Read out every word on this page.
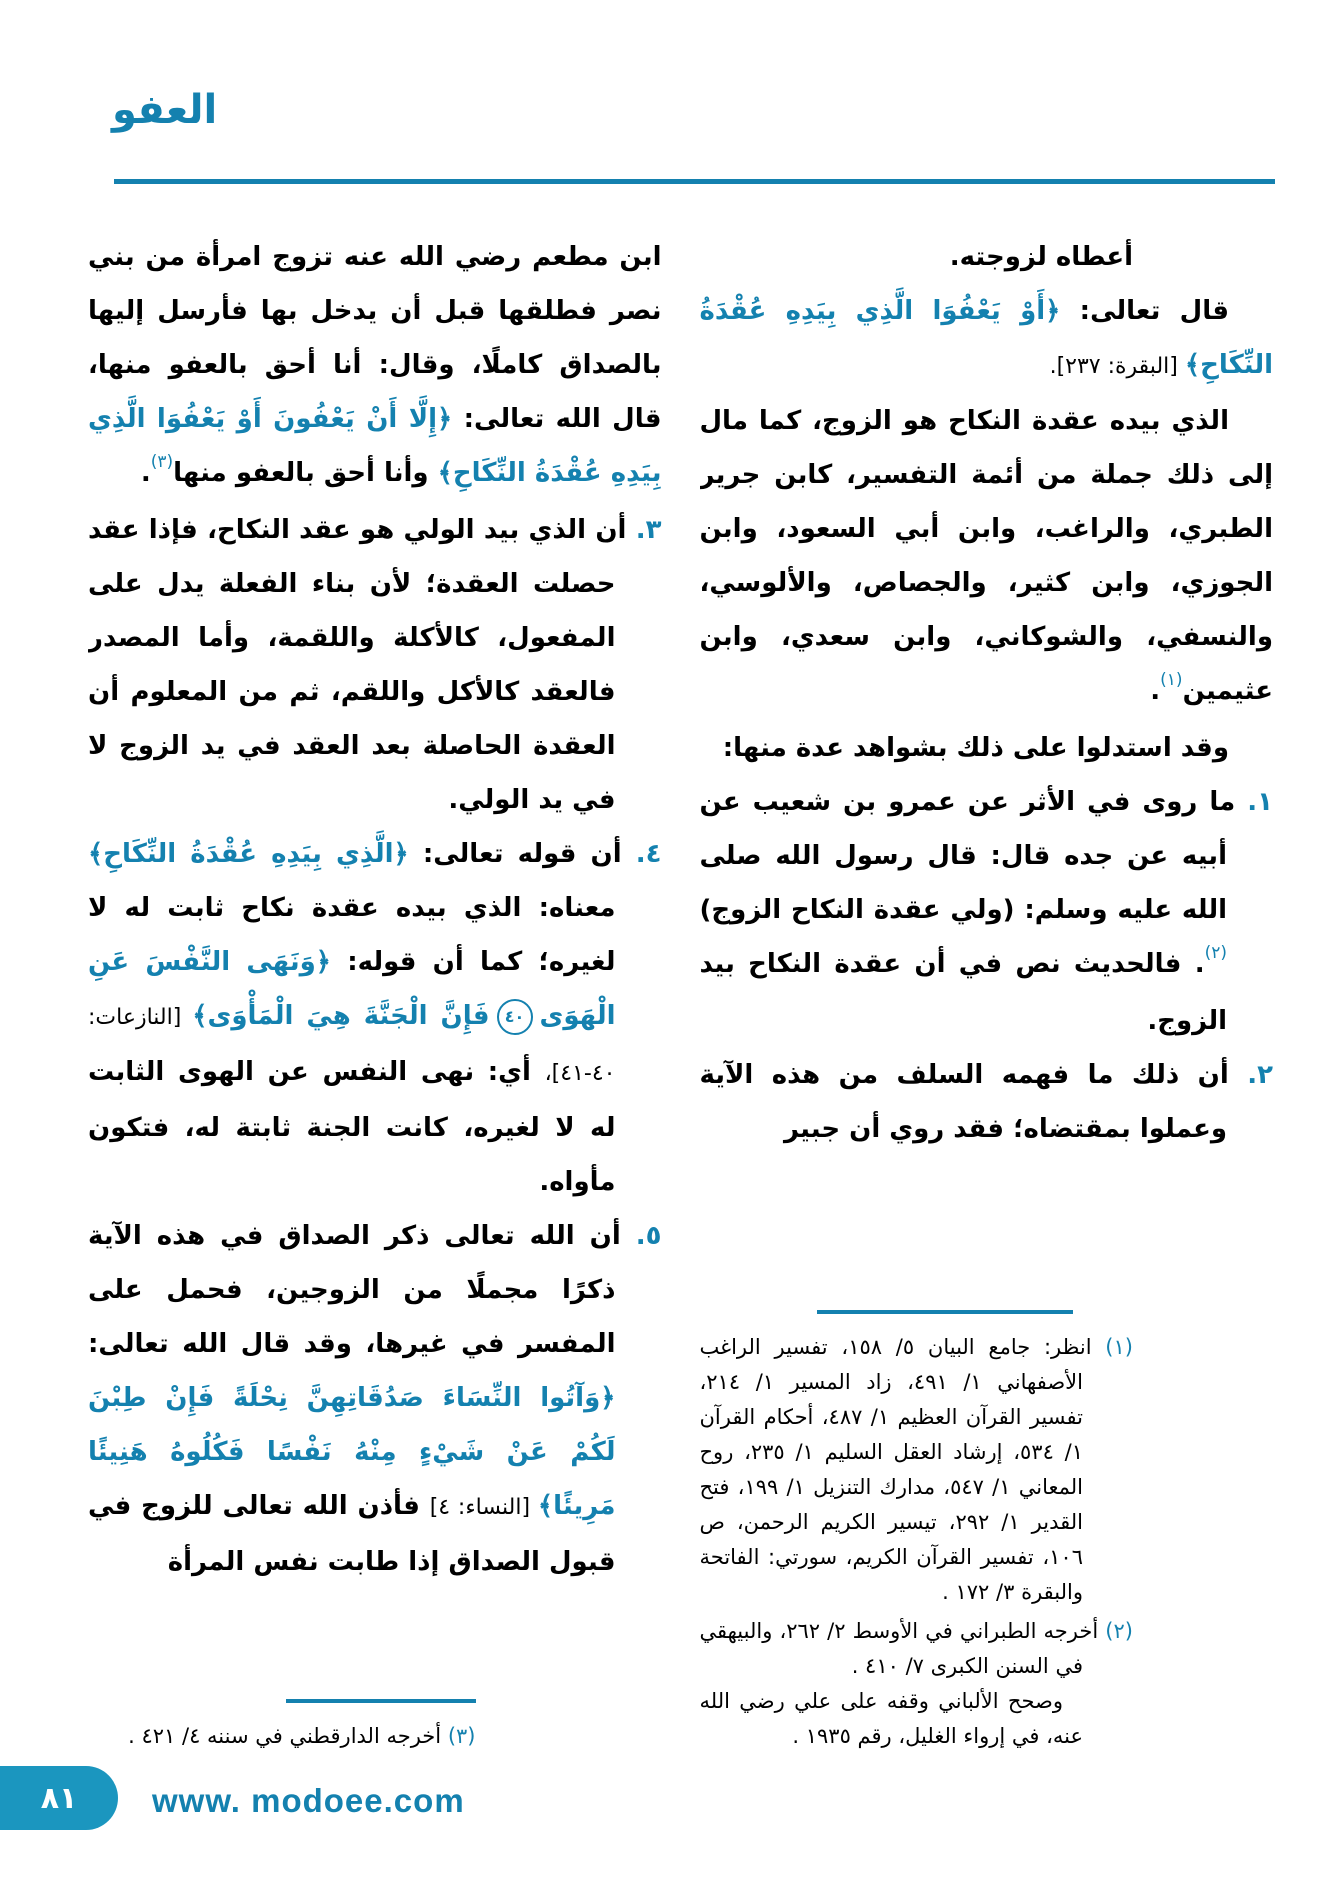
العفو

أعطاه لزوجته.

قال تعالى: ﴿أَوْ يَعْفُوَا الَّذِي بِيَدِهِ عُقْدَةُ النِّكَاحِ﴾ [البقرة: ٢٣٧].

الذي بيده عقدة النكاح هو الزوج، كما مال إلى ذلك جملة من أئمة التفسير، كابن جرير الطبري، والراغب، وابن أبي السعود، وابن الجوزي، وابن كثير، والجصاص، والألوسي، والنسفي، والشوكاني، وابن سعدي، وابن عثيمين$^{(١)}$.

وقد استدلوا على ذلك بشواهد عدة منها:

١. ما روى في الأثر عن عمرو بن شعيب عن أبيه عن جده قال: قال رسول الله صلى الله عليه وسلم: (ولي عقدة النكاح الزوج)$^{(٢)}$. فالحديث نص في أن عقدة النكاح بيد الزوج.

٢. أن ذلك ما فهمه السلف من هذه الآية وعملوا بمقتضاه؛ فقد روي أن جبير

(١) انظر: جامع البيان ٥/ ١٥٨، تفسير الراغب الأصفهاني ١/ ٤٩١، زاد المسير ١/ ٢١٤، تفسير القرآن العظيم ١/ ٤٨٧، أحكام القرآن ١/ ٥٣٤، إرشاد العقل السليم ١/ ٢٣٥، روح المعاني ١/ ٥٤٧، مدارك التنزيل ١/ ١٩٩، فتح القدير ١/ ٢٩٢، تيسير الكريم الرحمن، ص ١٠٦، تفسير القرآن الكريم، سورتي: الفاتحة والبقرة ٣/ ١٧٢ .
(٢) أخرجه الطبراني في الأوسط ٢/ ٢٦٢، والبيهقي في السنن الكبرى ٧/ ٤١٠ .
وصحح الألباني وقفه على علي رضي الله عنه، في إرواء الغليل، رقم ١٩٣٥ .

ابن مطعم رضي الله عنه تزوج امرأة من بني نصر فطلقها قبل أن يدخل بها فأرسل إليها بالصداق كاملًا، وقال: أنا أحق بالعفو منها، قال الله تعالى: ﴿إِلَّا أَنْ يَعْفُونَ أَوْ يَعْفُوَا الَّذِي بِيَدِهِ عُقْدَةُ النِّكَاحِ﴾ وأنا أحق بالعفو منها$^{(٣)}$.

٣. أن الذي بيد الولي هو عقد النكاح، فإذا عقد حصلت العقدة؛ لأن بناء الفعلة يدل على المفعول، كالأكلة واللقمة، وأما المصدر فالعقد كالأكل واللقم، ثم من المعلوم أن العقدة الحاصلة بعد العقد في يد الزوج لا في يد الولي.

٤. أن قوله تعالى: ﴿الَّذِي بِيَدِهِ عُقْدَةُ النِّكَاحِ﴾ معناه: الذي بيده عقدة نكاح ثابت له لا لغيره؛ كما أن قوله: ﴿وَنَهَى النَّفْسَ عَنِ الْهَوَى٤٠فَإِنَّ الْجَنَّةَ هِيَ الْمَأْوَى﴾ [النازعات: ٤٠-٤١]، أي: نهى النفس عن الهوى الثابت له لا لغيره، كانت الجنة ثابتة له، فتكون مأواه.

٥. أن الله تعالى ذكر الصداق في هذه الآية ذكرًا مجملًا من الزوجين، فحمل على المفسر في غيرها، وقد قال الله تعالى: ﴿وَآتُوا النِّسَاءَ صَدُقَاتِهِنَّ نِحْلَةً فَإِنْ طِبْنَ لَكُمْ عَنْ شَيْءٍ مِنْهُ نَفْسًا فَكُلُوهُ هَنِيئًا مَرِيئًا﴾ [النساء: ٤] فأذن الله تعالى للزوج في قبول الصداق إذا طابت نفس المرأة

(٣) أخرجه الدارقطني في سننه ٤/ ٤٢١ .
٨١ www. modoee.com
